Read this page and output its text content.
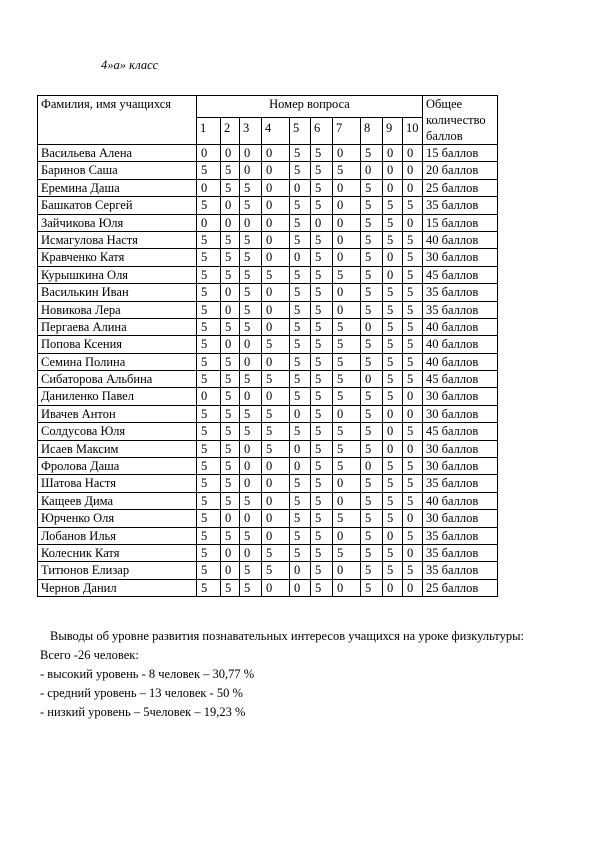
4»а» класс
Фамилия, имя учащихся	Номер вопроса										Общее
количество
баллов

	1	2	3	4	5	6	7	8	9	10	
Васильева Алена	0	0	0	0	5	5	0	5	0	0	15 баллов
Баринов Саша	5	5	0	0	5	5	5	0	0	0	20 баллов
Еремина Даша	0	5	5	0	0	5	0	5	0	0	25 баллов
Башкатов Сергей	5	0	5	0	5	5	0	5	5	5	35 баллов
Зайчикова Юля	0	0	0	0	5	0	0	5	5	0	15 баллов
Исмагулова Настя	5	5	5	0	5	5	0	5	5	5	40 баллов
Кравченко Катя	5	5	5	0	0	5	0	5	0	5	30 баллов
Курышкина Оля	5	5	5	5	5	5	5	5	0	5	45 баллов
Василькин Иван	5	0	5	0	5	5	0	5	5	5	35 баллов
Новикова Лера	5	0	5	0	5	5	0	5	5	5	35 баллов
Пергаева Алина	5	5	5	0	5	5	5	0	5	5	40 баллов
Попова Ксения	5	0	0	5	5	5	5	5	5	5	40 баллов
Семина Полина	5	5	0	0	5	5	5	5	5	5	40 баллов
Сибаторова Альбина	5	5	5	5	5	5	5	0	5	5	45 баллов
Даниленко Павел	0	5	0	0	5	5	5	5	5	0	30 баллов
Ивачев Антон	5	5	5	5	0	5	0	5	0	0	30 баллов
Солдусова Юля	5	5	5	5	5	5	5	5	0	5	45 баллов
Исаев Максим	5	5	0	5	0	5	5	5	0	0	30 баллов
Фролова Даша	5	5	0	0	0	5	5	0	5	5	30 баллов
Шатова Настя	5	5	0	0	5	5	0	5	5	5	35 баллов
Кащеев Дима	5	5	5	0	5	5	0	5	5	5	40 баллов
Юрченко Оля	5	0	0	0	5	5	5	5	5	0	30 баллов
Лобанов Илья	5	5	5	0	5	5	0	5	0	5	35 баллов
Колесник Катя	5	0	0	5	5	5	5	5	5	0	35 баллов
Титюнов Елизар	5	0	5	5	0	5	0	5	5	5	35 баллов
Чернов Данил	5	5	5	0	0	5	0	5	0	0	25 баллов

Выводы об уровне развития познавательных интересов учащихся на уроке физкультуры:

Всего -26 человек:

- высокий уровень - 8 человек – 30,77 %

- средний уровень – 13 человек - 50 %

- низкий уровень – 5человек – 19,23 %
